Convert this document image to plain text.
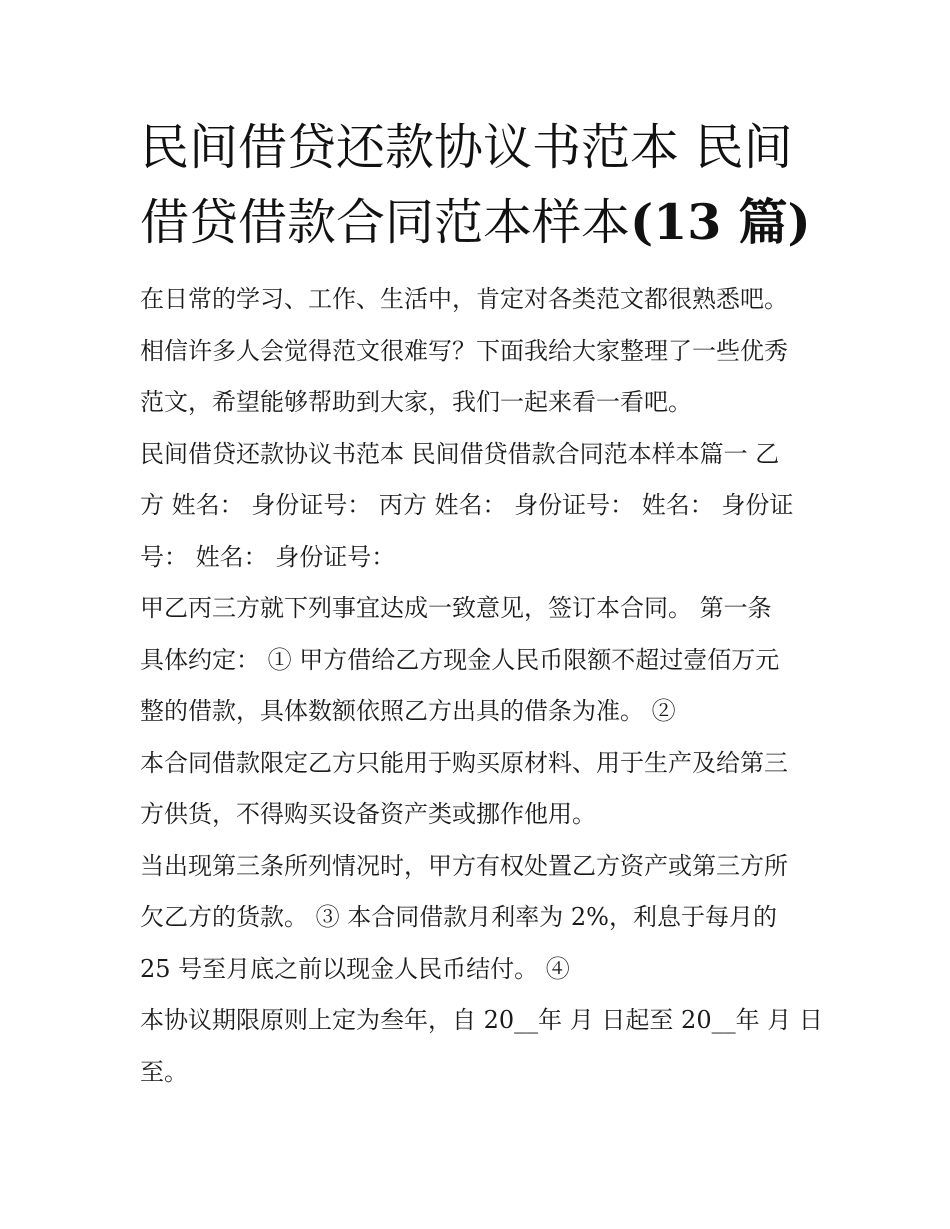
民间借贷还款协议书范本 民间
借贷借款合同范本样本(13 篇)

在日常的学习、工作、生活中，肯定对各类范文都很熟悉吧。
相信许多人会觉得范文很难写？下面我给大家整理了一些优秀
范文，希望能够帮助到大家，我们一起来看一看吧。

民间借贷还款协议书范本 民间借贷借款合同范本样本篇一 乙
方 姓名： 身份证号： 丙方 姓名： 身份证号： 姓名： 身份证
号： 姓名： 身份证号：

甲乙丙三方就下列事宜达成一致意见，签订本合同。 第一条
具体约定： ① 甲方借给乙方现金人民币限额不超过壹佰万元
整的借款，具体数额依照乙方出具的借条为准。 ②

本合同借款限定乙方只能用于购买原材料、用于生产及给第三
方供货，不得购买设备资产类或挪作他用。

当出现第三条所列情况时，甲方有权处置乙方资产或第三方所
欠乙方的货款。 ③ 本合同借款月利率为 2%，利息于每月的
25 号至月底之前以现金人民币结付。 ④

本协议期限原则上定为叁年，自 20__年 月 日起至 20__年 月 日
至。
